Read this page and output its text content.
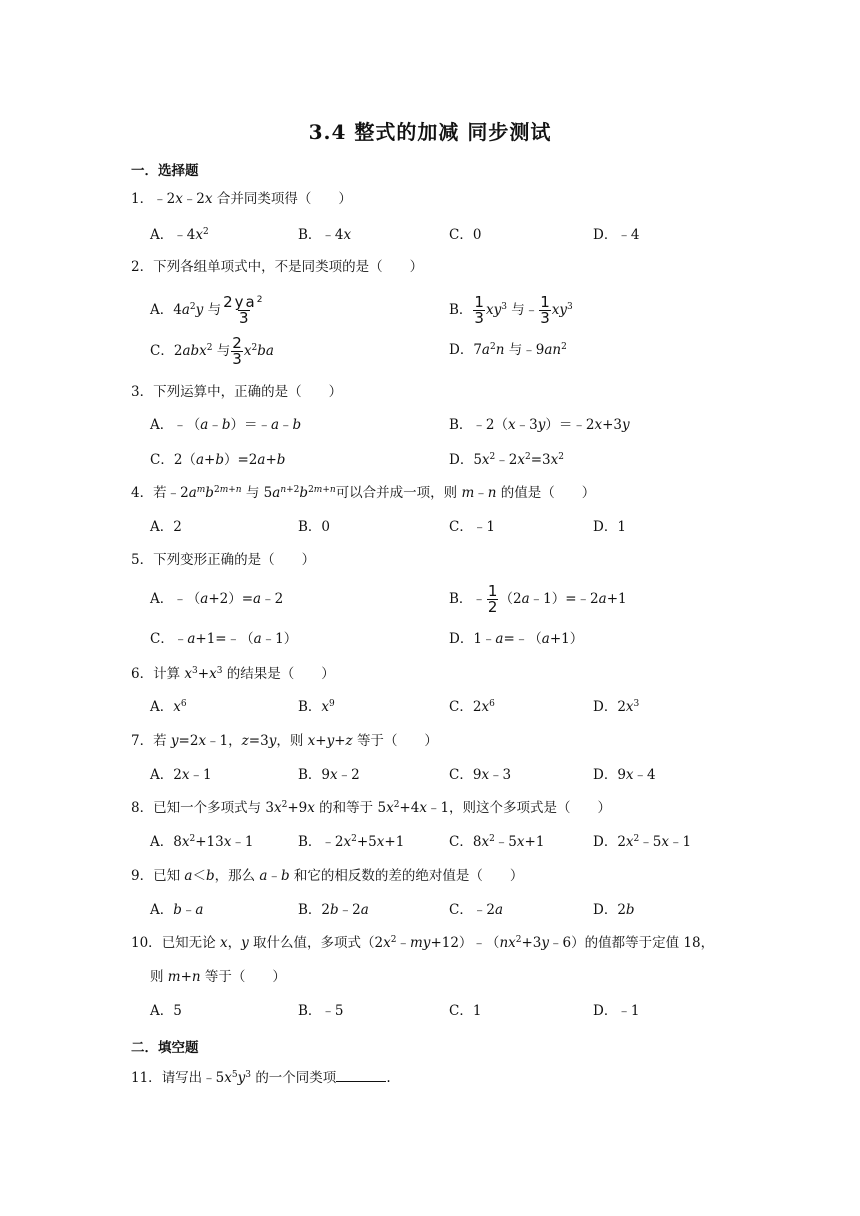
3.4 整式的加减 同步测试
一．选择题
1．﹣2x﹣2x 合并同类项得（　　）
A．$﹣4x^2$	B．﹣4x	C．0	D．﹣4
2．下列各组单项式中，不是同类项的是（　　）
A．$4a^2y$ 与 $\frac{2ya^2}{3}$	B． $\frac{1}{3} xy^3$ 与﹣ $\frac{1}{3} xy^3$
C．2abx$^2$ 与 $\frac{2}{3} x^2ba$	D．$7a^2n$ 与$﹣9an^2$
3．下列运算中，正确的是（　　）
A．﹣（a﹣b）＝﹣a﹣b	B．﹣2（x﹣3y）＝﹣2x+3y
C．2（a+b）=2a+b	D．$5x^2﹣2x^2=3x^2$
4．若$﹣2a^mb^{2m+n}$ 与 $5a^{n+2}b^{2m+n}$可以合并成一项，则 m﹣n 的值是（　　）
A．2	B．0	C．﹣1	D．1
5．下列变形正确的是（　　）
A．﹣（a+2）=a﹣2	B．﹣ $\frac{1}{2}$ （2a﹣1）=﹣2a+1
C．﹣a+1=﹣（a﹣1）	D．1﹣a=﹣（a+1）
6．计算 $x^3+x^3$ 的结果是（　　）
A．$x^6$	B．$x^9$	C．$2x^6$	D．$2x^3$
7．若 y=2x﹣1，z=3y，则 x+y+z 等于（　　）
A．2x﹣1	B．9x﹣2	C．9x﹣3	D．9x﹣4
8．已知一个多项式与 $3x^2+9x$ 的和等于 $5x^2+4x﹣1$，则这个多项式是（　　）
A．$8x^2+13x﹣1$	B．$﹣2x^2+5x+1$	C．$8x^2﹣5x+1$	D．$2x^2﹣5x﹣1$
9．已知 a＜b，那么 a﹣b 和它的相反数的差的绝对值是（　　）
A．b﹣a	B．2b﹣2a	C．﹣2a	D．2b
10．已知无论 x，y 取什么值，多项式$(2x^2﹣my+12)﹣(nx^2+3y﹣6)$的值都等于定值 18，
则 m+n 等于（　　）
A．5	B．﹣5	C．1	D．﹣1
二．填空题
11．请写出$﹣5x^5y^3$ 的一个同类项	.
